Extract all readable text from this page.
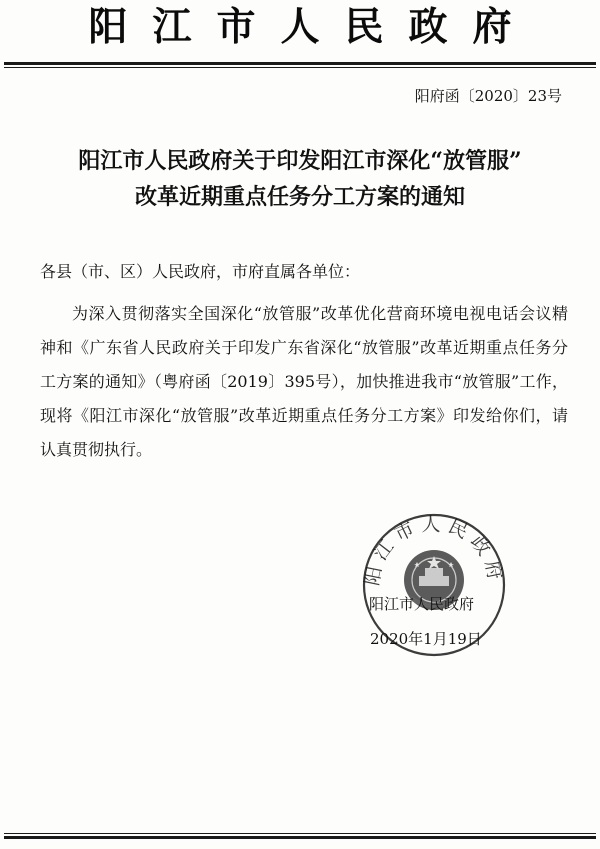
阳江市人民政府
阳府函〔2020〕23号
阳江市人民政府关于印发阳江市深化“放管服”
改革近期重点任务分工方案的通知
各县（市、区）人民政府，市府直属各单位：
为深入贯彻落实全国深化“放管服”改革优化营商环境电视电话会议精神和《广东省人民政府关于印发广东省深化“放管服”改革近期重点任务分工方案的通知》（粤府函〔2019〕395号），加快推进我市“放管服”工作，现将《阳江市深化“放管服”改革近期重点任务分工方案》印发给你们，请认真贯彻执行。
阳江市人民政府
阳江市人民政府
2020年1月19日
